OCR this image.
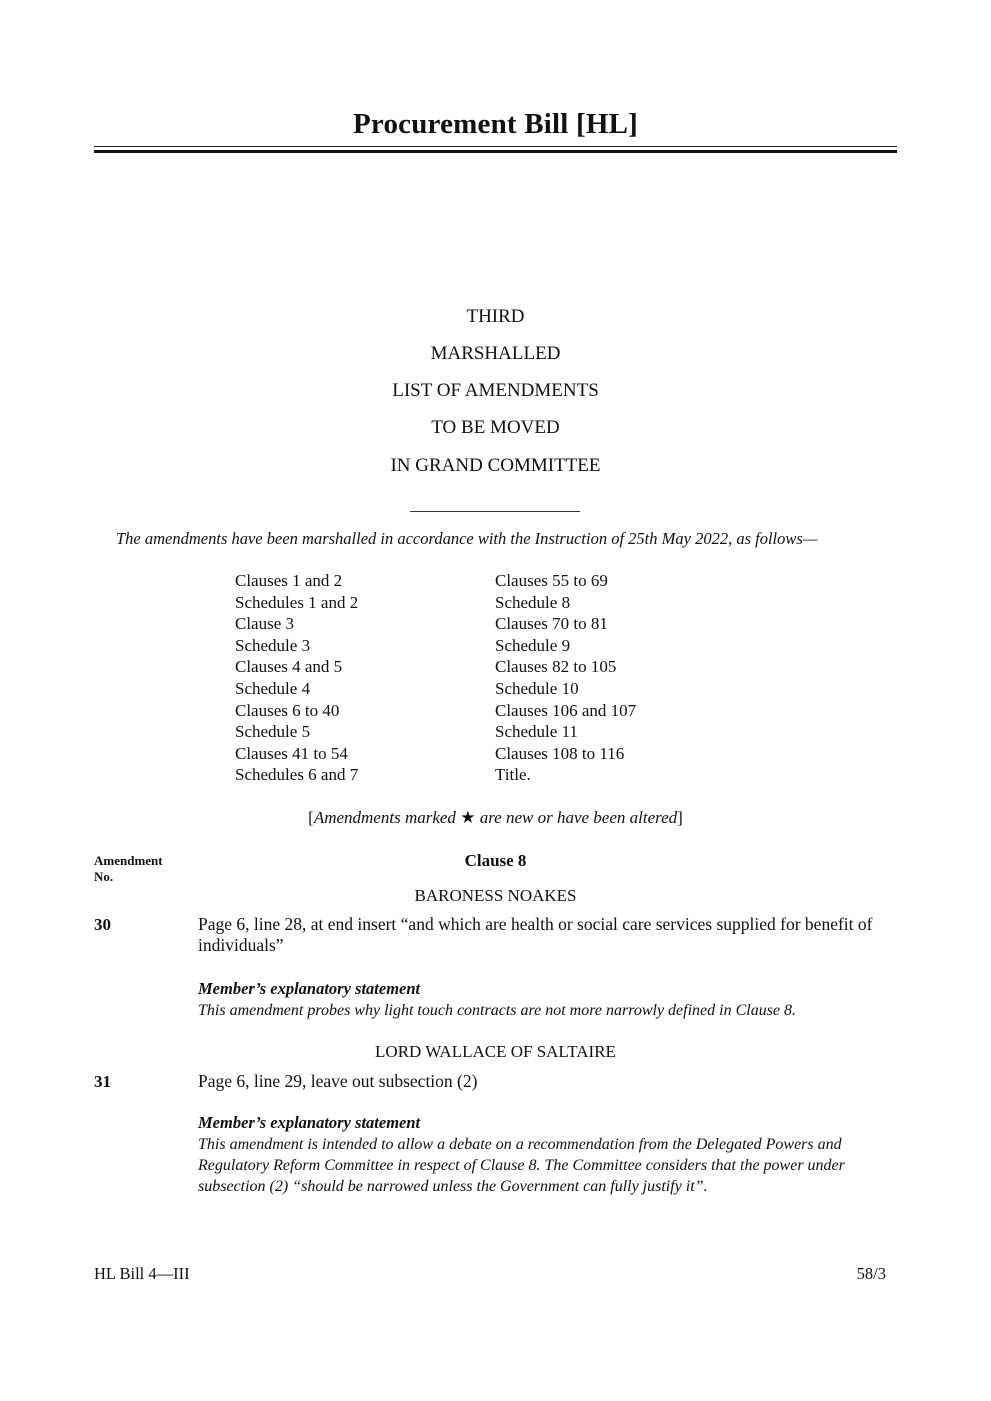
Procurement Bill [HL]
THIRD
MARSHALLED
LIST OF AMENDMENTS
TO BE MOVED
IN GRAND COMMITTEE
The amendments have been marshalled in accordance with the Instruction of 25th May 2022, as follows—
Clauses 1 and 2
Schedules 1 and 2
Clause 3
Schedule 3
Clauses 4 and 5
Schedule 4
Clauses 6 to 40
Schedule 5
Clauses 41 to 54
Schedules 6 and 7
Clauses 55 to 69
Schedule 8
Clauses 70 to 81
Schedule 9
Clauses 82 to 105
Schedule 10
Clauses 106 and 107
Schedule 11
Clauses 108 to 116
Title.
[Amendments marked ★ are new or have been altered]
Amendment
No.
Clause 8
BARONESS NOAKES
30	Page 6, line 28, at end insert “and which are health or social care services supplied for benefit of individuals”
Member’s explanatory statement
This amendment probes why light touch contracts are not more narrowly defined in Clause 8.
LORD WALLACE OF SALTAIRE
31	Page 6, line 29, leave out subsection (2)
Member’s explanatory statement
This amendment is intended to allow a debate on a recommendation from the Delegated Powers and Regulatory Reform Committee in respect of Clause 8. The Committee considers that the power under subsection (2) “should be narrowed unless the Government can fully justify it”.
HL Bill 4—III	58/3
